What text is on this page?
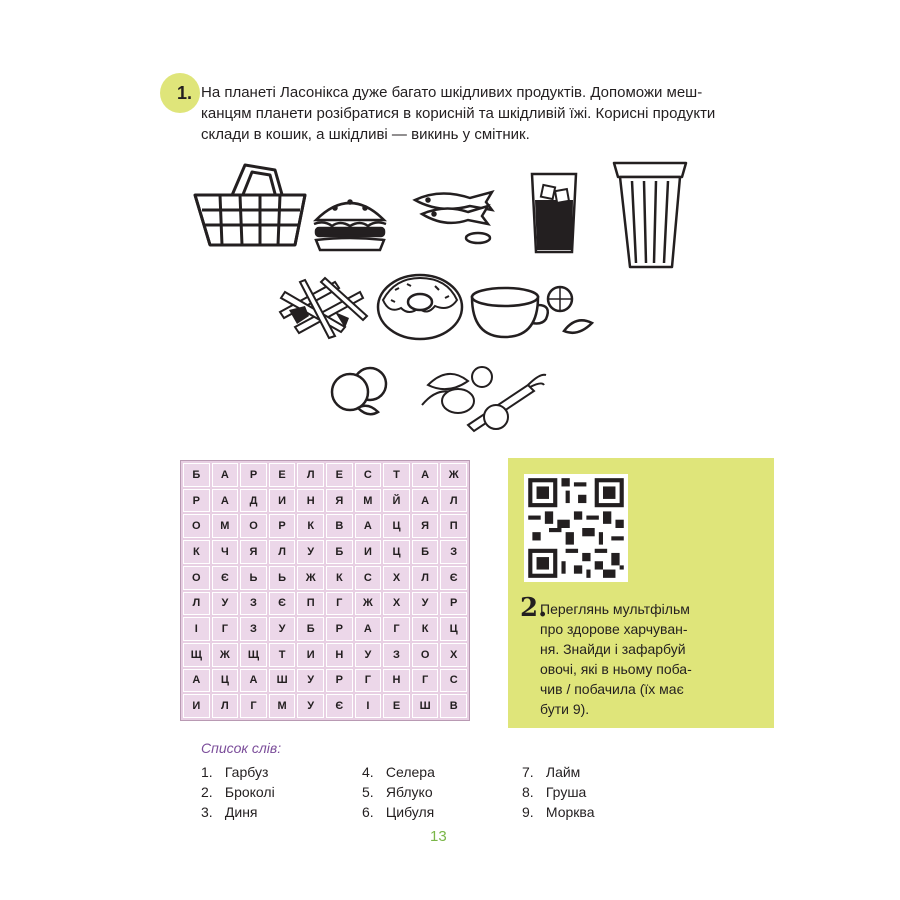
1. На планеті Ласонікса дуже багато шкідливих продуктів. Допоможи меш-
канцям планети розібратися в корисній та шкідливій їжі. Корисні продукти
склади в кошик, а шкідливі — викинь у смітник.
Б	А	Р	Е	Л	Е	С	Т	А	Ж
Р	А	Д	И	Н	Я	М	Й	А	Л
О	М	О	Р	К	В	А	Ц	Я	П
К	Ч	Я	Л	У	Б	И	Ц	Б	З
О	Є	Ь	Ь	Ж	К	С	Х	Л	Є
Л	У	З	Є	П	Г	Ж	Х	У	Р
І	Г	З	У	Б	Р	А	Г	К	Ц
Щ	Ж	Щ	Т	И	Н	У	З	О	Х
А	Ц	А	Ш	У	Р	Г	Н	Г	С
И	Л	Г	М	У	Є	І	Е	Ш	В
2.
Переглянь мультфільм
про здорове харчуван-
ня. Знайди і зафарбуй
овочі, які в ньому поба-
чив / побачила (їх має
бути 9).
Список слів:
1. Гарбуз
2. Броколі
3. Диня
4. Селера
5. Яблуко
6. Цибуля
7. Лайм
8. Груша
9. Морква
13
